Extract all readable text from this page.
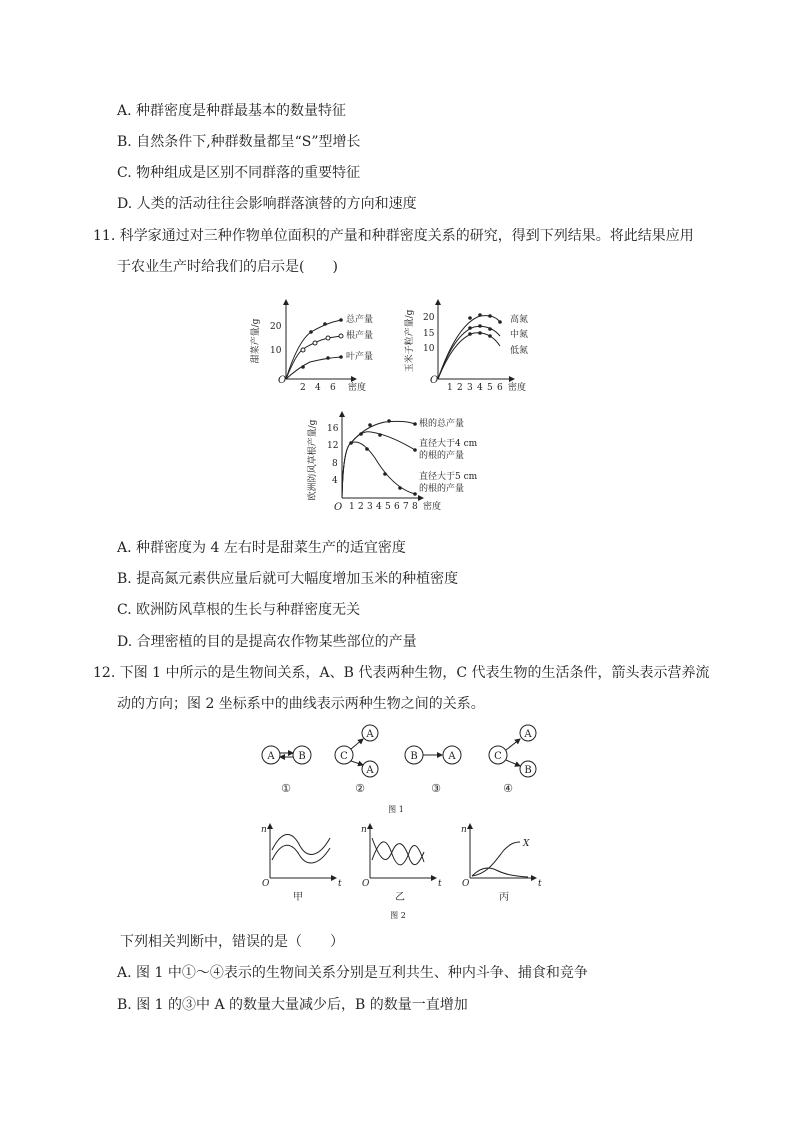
A. 种群密度是种群最基本的数量特征
B. 自然条件下,种群数量都呈“S”型增长
C. 物种组成是区别不同群落的重要特征
D. 人类的活动往往会影响群落演替的方向和速度
11. 科学家通过对三种作物单位面积的产量和种群密度关系的研究，得到下列结果。将此结果应用
于农业生产时给我们的启示是(　　)
甜菜产量/g
O
10
20
2 4 6 密度
总产量
根产量
叶产量	玉米子粒产量/g
O
10
15
20
1 2 3 4 5 6 密度
高氮
中氮
低氮
欧洲防风草根产量/g
O
4
8
12
16
1 2 3 4 5 6 7 8 密度
根的总产量
直径大于4 cm
的根的产量
直径大于5 cm
的根的产量
A. 种群密度为 4 左右时是甜菜生产的适宜密度
B. 提高氮元素供应量后就可大幅度增加玉米的种植密度
C. 欧洲防风草根的生长与种群密度无关
D. 合理密植的目的是提高农作物某些部位的产量
12. 下图 1 中所示的是生物间关系，A、B 代表两种生物，C 代表生物的生活条件，箭头表示营养流
动的方向；图 2 坐标系中的曲线表示两种生物之间的关系。
A B
①
C
A
A
②
B	A
③
C
A
B
④
图 1
n
t
O
甲
n
t
O
乙
n
t
O
X
丙
图 2
下列相关判断中，错误的是（　　）
A. 图 1 中①～④表示的生物间关系分别是互利共生、种内斗争、捕食和竞争
B. 图 1 的③中 A 的数量大量减少后，B 的数量一直增加
